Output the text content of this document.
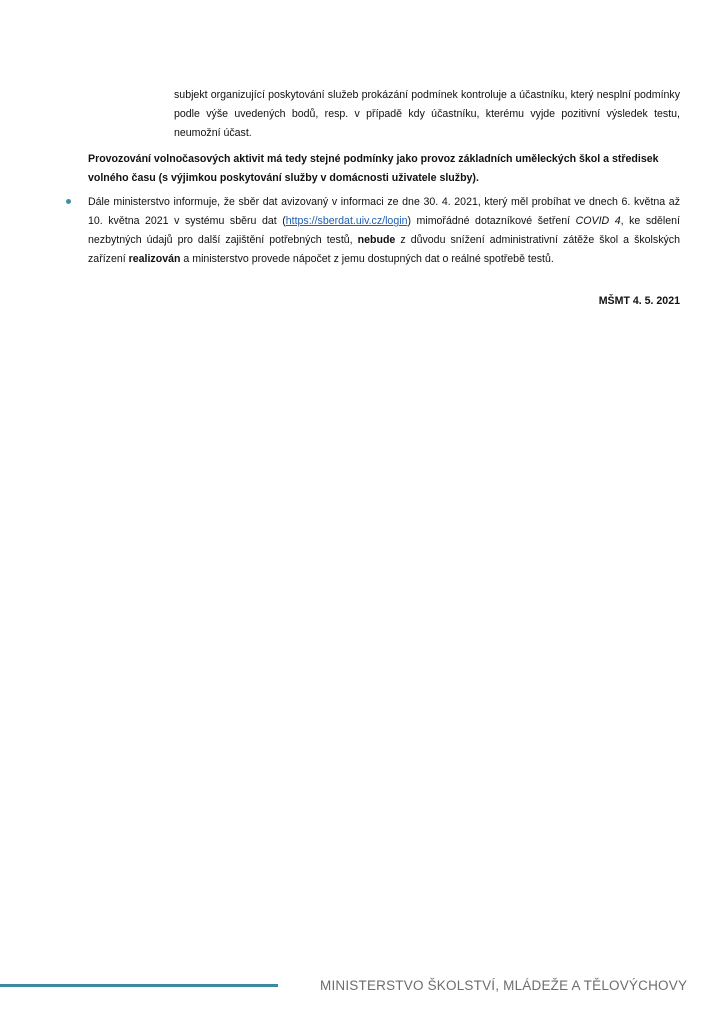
subjekt organizující poskytování služeb prokázání podmínek kontroluje a účastníku, který nesplní podmínky podle výše uvedených bodů, resp. v případě kdy účastníku, kterému vyjde pozitivní výsledek testu, neumožní účast.

Provozování volnočasových aktivit má tedy stejné podmínky jako provoz základních uměleckých škol a středisek volného času (s výjimkou poskytování služby v domácnosti uživatele služby).

Dále ministerstvo informuje, že sběr dat avizovaný v informaci ze dne 30. 4. 2021, který měl probíhat ve dnech 6. května až 10. května 2021 v systému sběru dat (https://sberdat.uiv.cz/login) mimořádné dotazníkové šetření COVID 4, ke sdělení nezbytných údajů pro další zajištění potřebných testů, nebude z důvodu snížení administrativní zátěže škol a školských zařízení realizován a ministerstvo provede nápočet z jemu dostupných dat o reálné spotřebě testů.

MŠMT 4. 5. 2021
MINISTERSTVO ŠKOLSTVÍ, MLÁDEŽE A TĚLOVÝCHOVY
